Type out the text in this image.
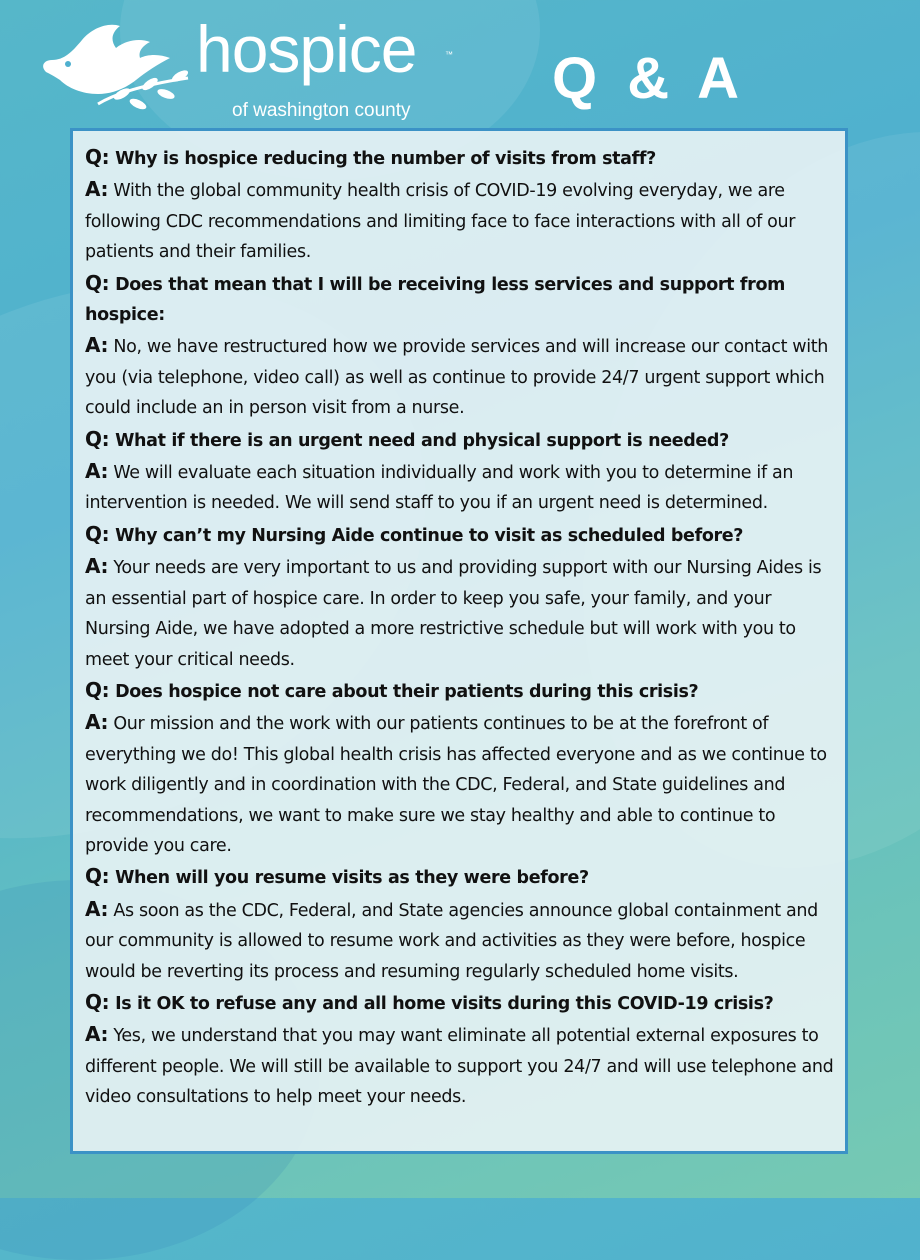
hospice	™
of washington county Q & A

Q: Why is hospice reducing the number of visits from staff?

A: With the global community health crisis of COVID-19 evolving everyday, we are following CDC recommendations and limiting face to face interactions with all of our patients and their families.

Q: Does that mean that I will be receiving less services and support from hospice:

A: No, we have restructured how we provide services and will increase our contact with you (via telephone, video call) as well as continue to provide 24/7 urgent support which could include an in person visit from a nurse.

Q: What if there is an urgent need and physical support is needed?

A: We will evaluate each situation individually and work with you to determine if an intervention is needed. We will send staff to you if an urgent need is determined.

Q: Why can’t my Nursing Aide continue to visit as scheduled before?

A: Your needs are very important to us and providing support with our Nursing Aides is an essential part of hospice care. In order to keep you safe, your family, and your Nursing Aide, we have adopted a more restrictive schedule but will work with you to meet your critical needs.

Q: Does hospice not care about their patients during this crisis?

A: Our mission and the work with our patients continues to be at the forefront of everything we do! This global health crisis has affected everyone and as we continue to work diligently and in coordination with the CDC, Federal, and State guidelines and recommendations, we want to make sure we stay healthy and able to continue to provide you care.

Q: When will you resume visits as they were before?

A: As soon as the CDC, Federal, and State agencies announce global containment and our community is allowed to resume work and activities as they were before, hospice would be reverting its process and resuming regularly scheduled home visits.

Q: Is it OK to refuse any and all home visits during this COVID-19 crisis?

A: Yes, we understand that you may want eliminate all potential external exposures to different people. We will still be available to support you 24/7 and will use telephone and video consultations to help meet your needs.
